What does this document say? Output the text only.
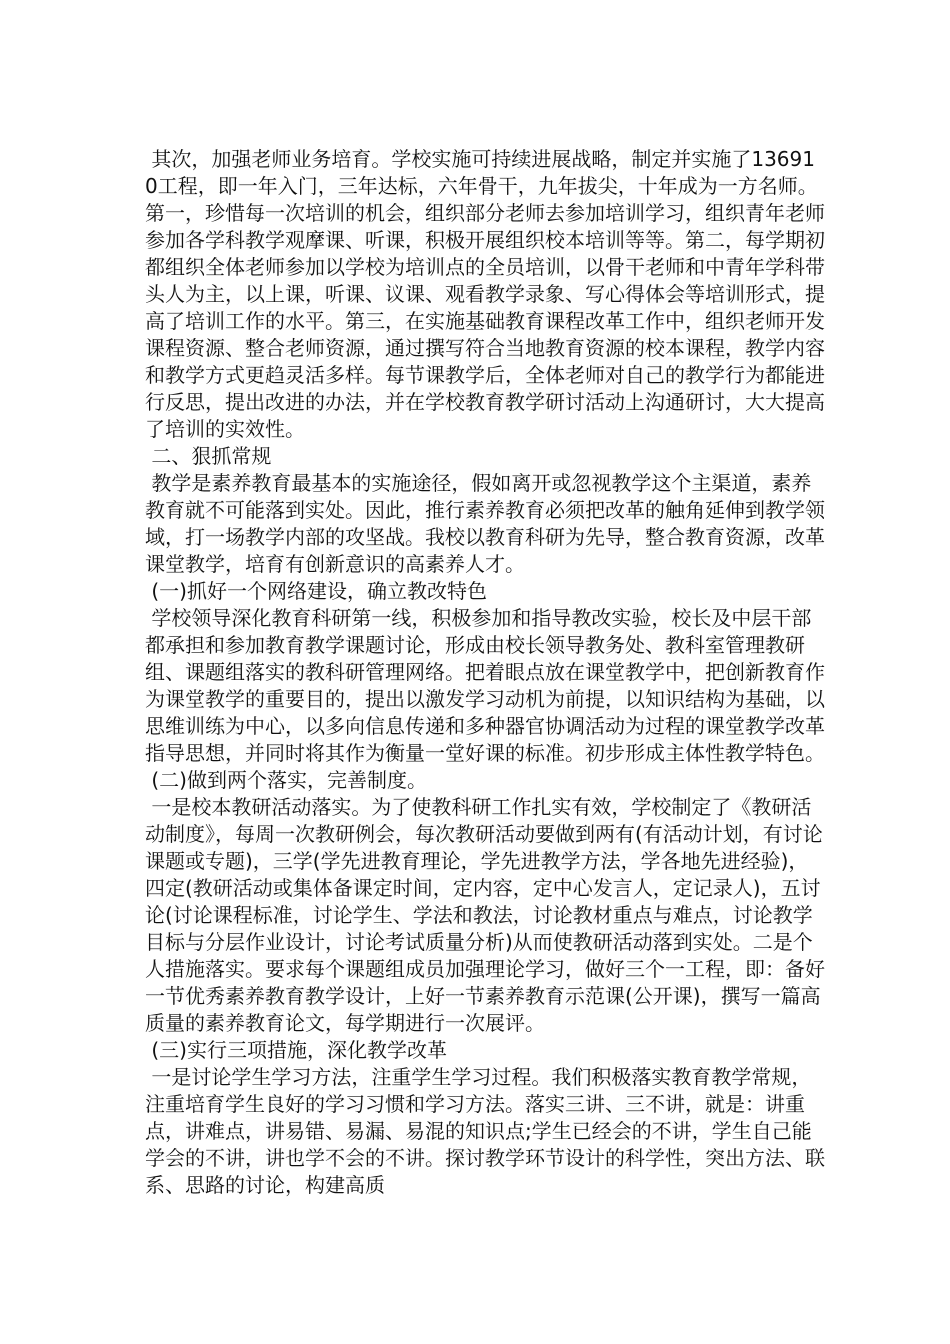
其次，加强老师业务培育。学校实施可持续进展战略，制定并实施了136910工程，即一年入门，三年达标，六年骨干，九年拔尖，十年成为一方名师。第一，珍惜每一次培训的机会，组织部分老师去参加培训学习，组织青年老师参加各学科教学观摩课、听课，积极开展组织校本培训等等。第二，每学期初都组织全体老师参加以学校为培训点的全员培训，以骨干老师和中青年学科带头人为主，以上课，听课、议课、观看教学录象、写心得体会等培训形式，提高了培训工作的水平。第三，在实施基础教育课程改革工作中，组织老师开发课程资源、整合老师资源，通过撰写符合当地教育资源的校本课程，教学内容和教学方式更趋灵活多样。每节课教学后，全体老师对自己的教学行为都能进行反思，提出改进的办法，并在学校教育教学研讨活动上沟通研讨，大大提高了培训的实效性。

二、狠抓常规

教学是素养教育最基本的实施途径，假如离开或忽视教学这个主渠道，素养教育就不可能落到实处。因此，推行素养教育必须把改革的触角延伸到教学领域，打一场教学内部的攻坚战。我校以教育科研为先导，整合教育资源，改革课堂教学，培育有创新意识的高素养人才。

(一)抓好一个网络建设，确立教改特色

学校领导深化教育科研第一线，积极参加和指导教改实验，校长及中层干部都承担和参加教育教学课题讨论，形成由校长领导教务处、教科室管理教研组、课题组落实的教科研管理网络。把着眼点放在课堂教学中，把创新教育作为课堂教学的重要目的，提出以激发学习动机为前提，以知识结构为基础，以思维训练为中心，以多向信息传递和多种器官协调活动为过程的课堂教学改革指导思想，并同时将其作为衡量一堂好课的标准。初步形成主体性教学特色。

(二)做到两个落实，完善制度。

一是校本教研活动落实。为了使教科研工作扎实有效，学校制定了《教研活动制度》，每周一次教研例会，每次教研活动要做到两有(有活动计划，有讨论课题或专题)，三学(学先进教育理论，学先进教学方法，学各地先进经验)，四定(教研活动或集体备课定时间，定内容，定中心发言人，定记录人)，五讨论(讨论课程标准，讨论学生、学法和教法，讨论教材重点与难点，讨论教学目标与分层作业设计，讨论考试质量分析)从而使教研活动落到实处。二是个人措施落实。要求每个课题组成员加强理论学习，做好三个一工程，即：备好一节优秀素养教育教学设计，上好一节素养教育示范课(公开课)，撰写一篇高质量的素养教育论文，每学期进行一次展评。

(三)实行三项措施，深化教学改革

一是讨论学生学习方法，注重学生学习过程。我们积极落实教育教学常规，注重培育学生良好的学习习惯和学习方法。落实三讲、三不讲，就是：讲重点，讲难点，讲易错、易漏、易混的知识点;学生已经会的不讲，学生自己能学会的不讲，讲也学不会的不讲。探讨教学环节设计的科学性，突出方法、联系、思路的讨论，构建高质
